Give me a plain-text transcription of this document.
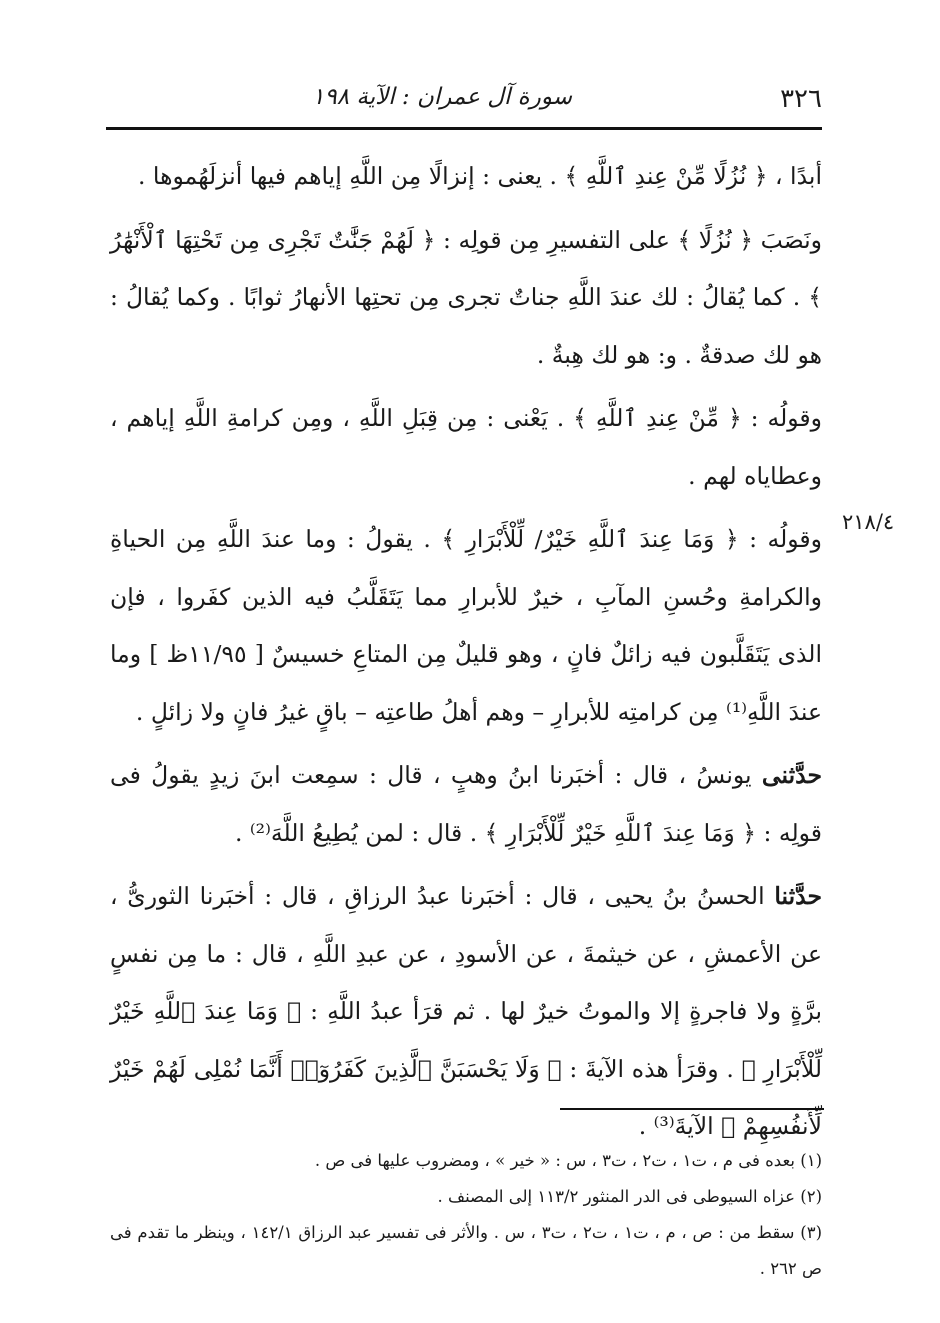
٣٢٦
سورة آل عمران : الآية ١٩٨
٢١٨/٤

أبدًا ، ﴿ نُزُلًا مِّنْ عِندِ ٱللَّهِ ﴾ . يعنى : إنزالًا مِن اللَّهِ إياهم فيها أنزلَهُموها .

ونَصَبَ ﴿ نُزُلًا ﴾ على التفسيرِ مِن قولِه : ﴿ لَهُمْ جَنَّٰتٌ تَجْرِى مِن تَحْتِهَا ٱلْأَنْهَٰرُ ﴾ . كما يُقالُ : لك عندَ اللَّهِ جناتٌ تجرى مِن تحتِها الأنهارُ ثوابًا . وكما يُقالُ : هو لك صدقةٌ . و: هو لك هِبةٌ .

وقولُه : ﴿ مِّنْ عِندِ ٱللَّهِ ﴾ . يَعْنى : مِن قِبَلِ اللَّهِ ، ومِن كرامةِ اللَّهِ إياهم ، وعطاياه لهم .

وقولُه : ﴿ وَمَا عِندَ ٱللَّهِ خَيْرٌ/ لِّلْأَبْرَارِ ﴾ . يقولُ : وما عندَ اللَّهِ مِن الحياةِ والكرامةِ وحُسنِ المآبِ ، خيرٌ للأبرارِ مما يَتَقَلَّبُ فيه الذين كفَروا ، فإن الذى يَتَقَلَّبون فيه زائلٌ فانٍ ، وهو قليلٌ مِن المتاعِ خسيسٌ [ ١١/٩٥ظ ] وما عندَ اللَّهِ⁽¹⁾ مِن كرامتِه للأبرارِ – وهم أهلُ طاعتِه – باقٍ غيرُ فانٍ ولا زائلٍ .

حدَّثنى يونسُ ، قال : أخبَرنا ابنُ وهبٍ ، قال : سمِعت ابنَ زيدٍ يقولُ فى قولِه : ﴿ وَمَا عِندَ ٱللَّهِ خَيْرٌ لِّلْأَبْرَارِ ﴾ . قال : لمن يُطِيعُ اللَّهَ⁽²⁾ .

حدَّثنا الحسنُ بنُ يحيى ، قال : أخبَرنا عبدُ الرزاقِ ، قال : أخبَرنا الثورىُّ ، عن الأعمشِ ، عن خيثمةَ ، عن الأسودِ ، عن عبدِ اللَّهِ ، قال : ما مِن نفسٍ برَّةٍ ولا فاجرةٍ إلا والموتُ خيرٌ لها . ثم قرَأ عبدُ اللَّهِ : ﴿ وَمَا عِندَ ٱللَّهِ خَيْرٌ لِّلْأَبْرَارِ ﴾ . وقرَأ هذه الآيةَ : ﴿ وَلَا يَحْسَبَنَّ ٱلَّذِينَ كَفَرُوٓا۟ أَنَّمَا نُمْلِى لَهُمْ خَيْرٌ لِّأَنفُسِهِمْ ﴾ الآيةَ⁽³⁾ .

(١) بعده فى م ، ت١ ، ت٢ ، ت٣ ، س : « خير » ، ومضروب عليها فى ص .

(٢) عزاه السيوطى فى الدر المنثور ١١٣/٢ إلى المصنف .

(٣) سقط من : ص ، م ، ت١ ، ت٢ ، ت٣ ، س . والأثر فى تفسير عبد الرزاق ١٤٢/١ ، وينظر ما تقدم فى ص ٢٦٢ .
